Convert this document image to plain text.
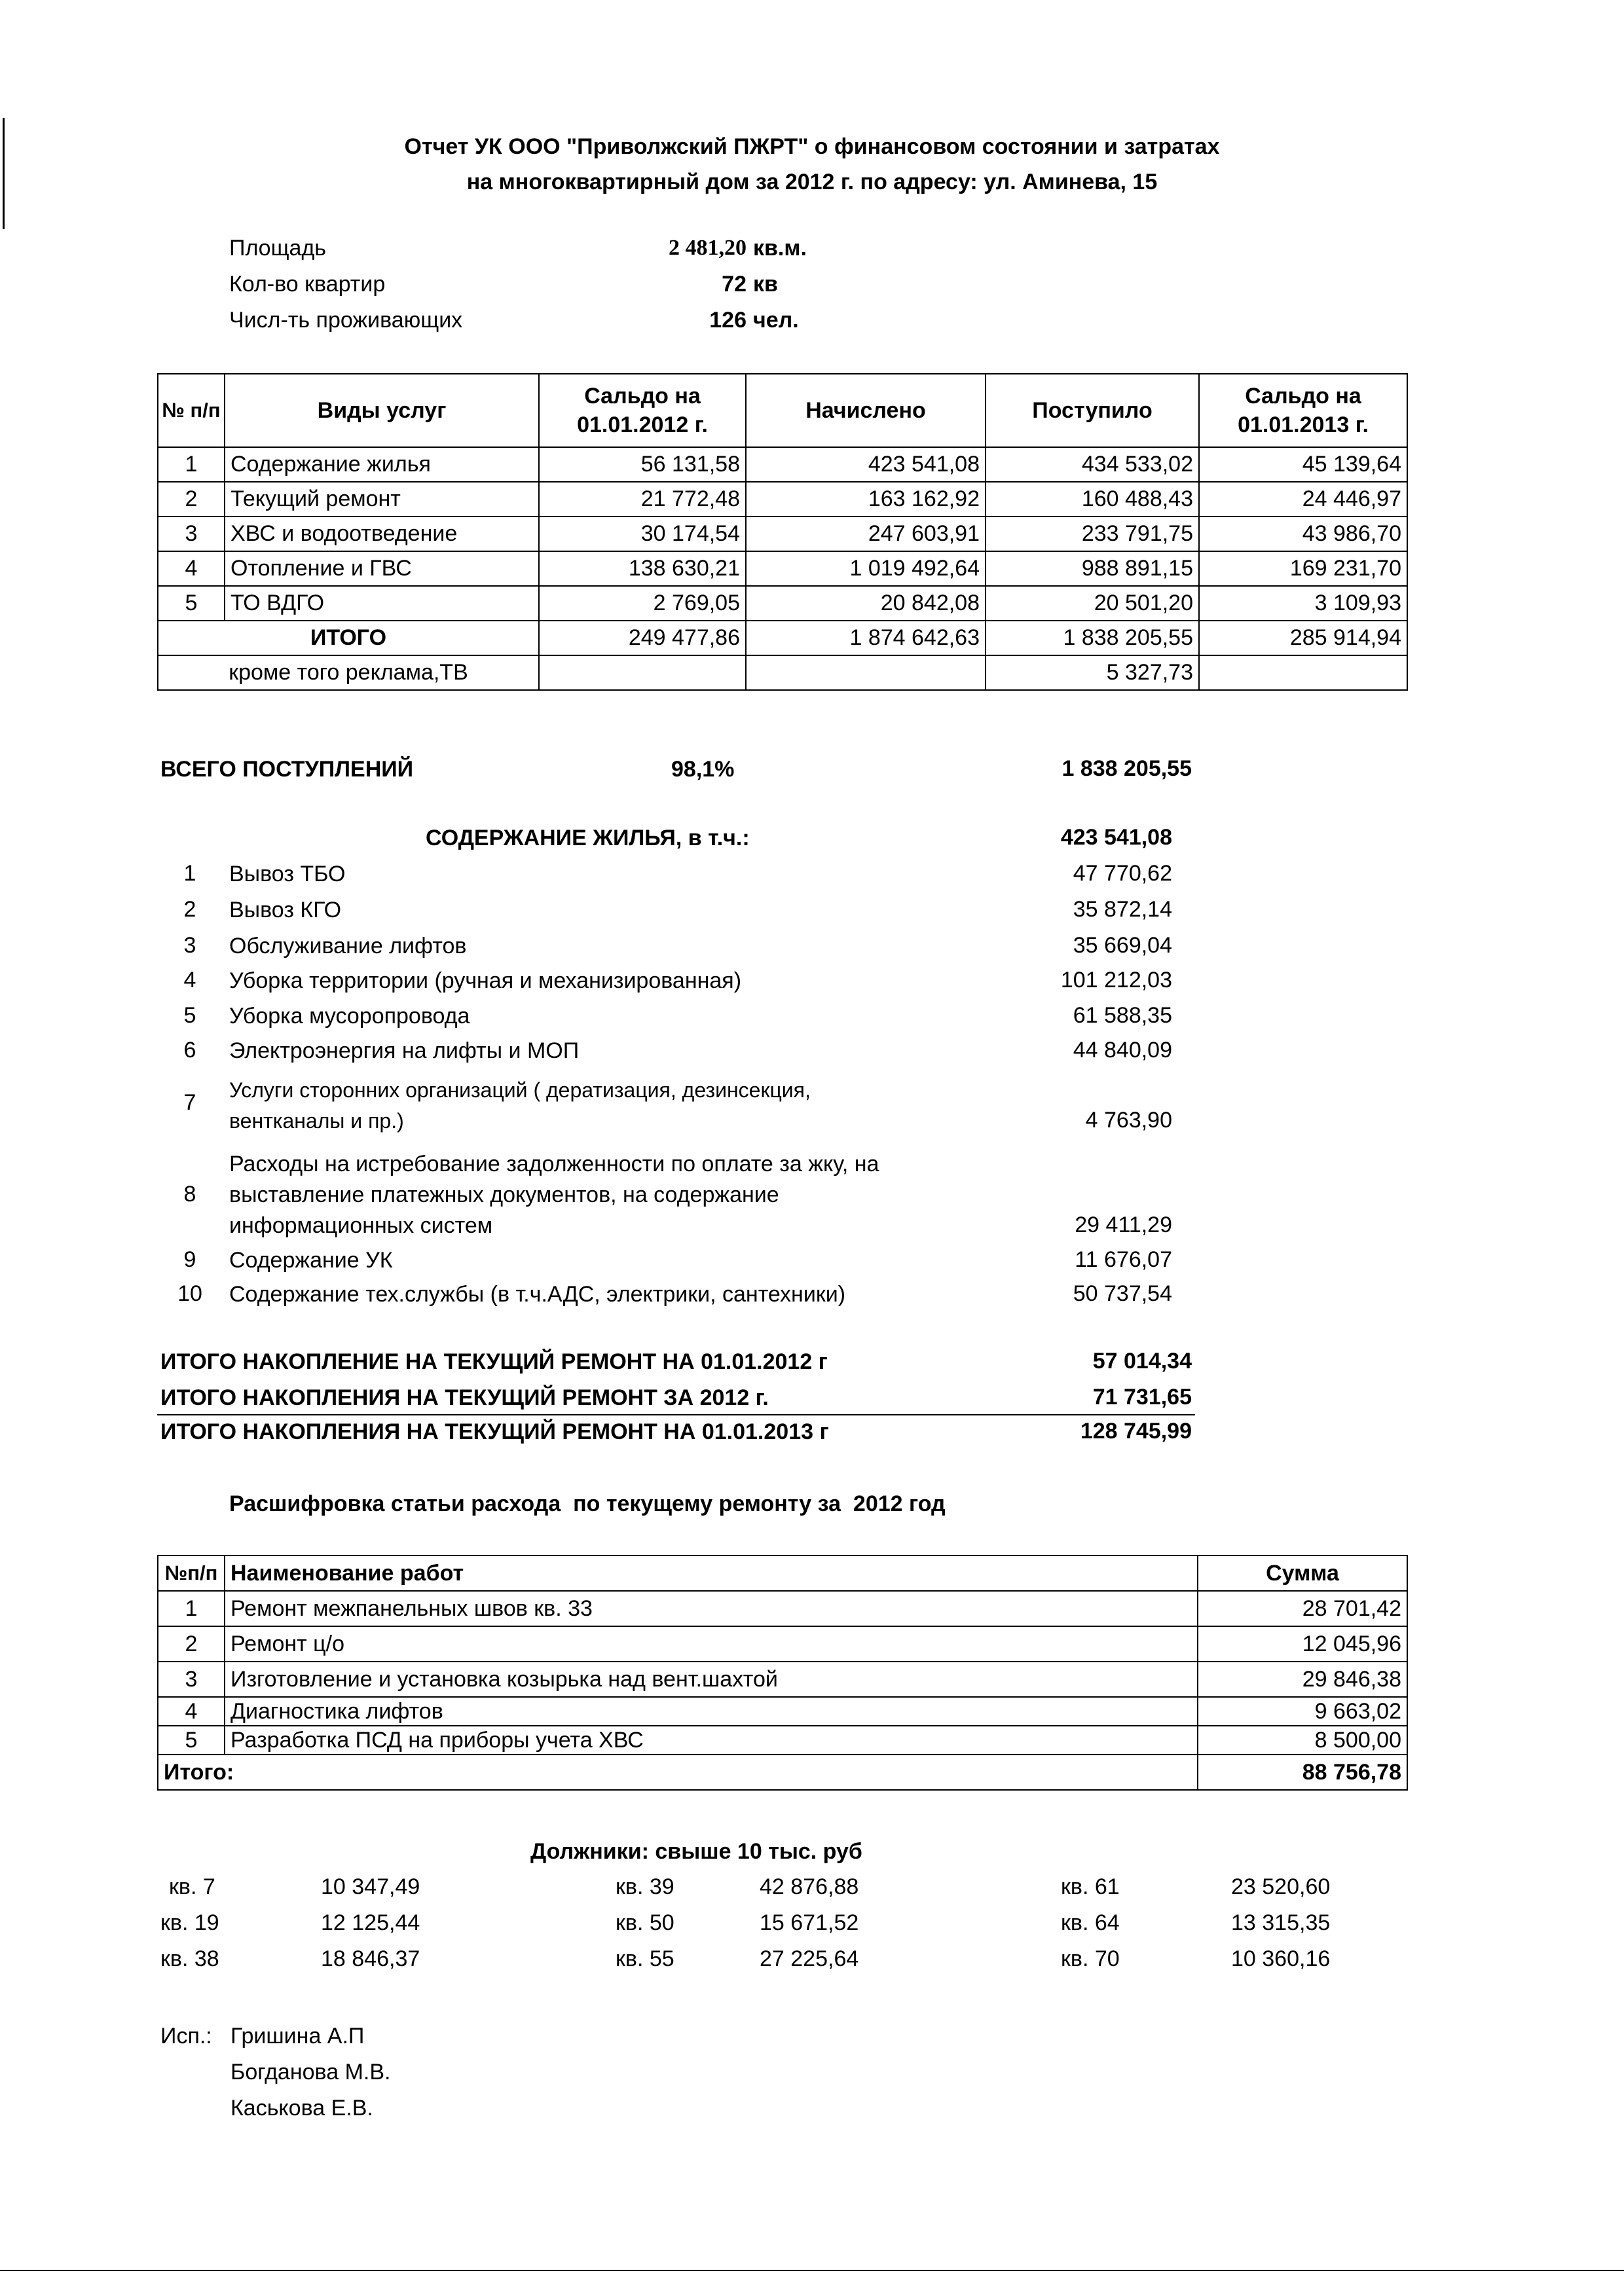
Отчет УК ООО "Приволжский ПЖРТ" о финансовом состоянии и затратах
на многоквартирный дом за 2012 г. по адресу: ул. Аминева, 15
Площадь	2 481,20 кв.м.
Кол-во квартир	72 кв
Числ-ть проживающих	126 чел.
№ п/п	Виды услуг	Сальдо на 01.01.2012 г.	Начислено	Поступило	Сальдо на 01.01.2013 г.
1	Содержание жилья	56 131,58	423 541,08	434 533,02	45 139,64
2	Текущий ремонт	21 772,48	163 162,92	160 488,43	24 446,97
3	ХВС и водоотведение	30 174,54	247 603,91	233 791,75	43 986,70
4	Отопление и ГВС	138 630,21	1 019 492,64	988 891,15	169 231,70
5	ТО ВДГО	2 769,05	20 842,08	20 501,20	3 109,93
ИТОГО		249 477,86	1 874 642,63	1 838 205,55	285 914,94
кроме того реклама,ТВ				5 327,73	
ВСЕГО ПОСТУПЛЕНИЙ	98,1%	1 838 205,55
СОДЕРЖАНИЕ ЖИЛЬЯ, в т.ч.:	423 541,08
1	Вывоз ТБО	47 770,62
2	Вывоз КГО	35 872,14
3	Обслуживание лифтов	35 669,04
4	Уборка территории (ручная и механизированная)	101 212,03
5	Уборка мусоропровода	61 588,35
6	Электроэнергия на лифты и МОП	44 840,09
7	Услуги сторонних организаций ( дератизация, дезинсекция,
вентканалы и пр.)	4 763,90
8
Расходы на истребование задолженности по оплате за жку, на
выставление платежных документов, на содержание
информационных систем	29 411,29
9	Содержание УК	11 676,07
10	Содержание тех.службы (в т.ч.АДС, электрики, сантехники)	50 737,54
ИТОГО НАКОПЛЕНИЕ НА ТЕКУЩИЙ РЕМОНТ НА 01.01.2012 г	57 014,34
ИТОГО НАКОПЛЕНИЯ НА ТЕКУЩИЙ РЕМОНТ ЗА 2012 г.	71 731,65
ИТОГО НАКОПЛЕНИЯ НА ТЕКУЩИЙ РЕМОНТ НА 01.01.2013 г	128 745,99
Расшифровка статьи расхода  по текущему ремонту за  2012 год
№п/п	Наименование работ	Сумма
1	Ремонт межпанельных швов кв. 33	28 701,42
2	Ремонт ц/о	12 045,96
3	Изготовление и установка козырька над вент.шахтой	29 846,38
4	Диагностика лифтов	9 663,02
5	Разработка ПСД на приборы учета ХВС	8 500,00
Итого:		88 756,78
Должники: свыше 10 тыс. руб
кв. 7	10 347,49	кв. 39	42 876,88	кв. 61	23 520,60
кв. 19	12 125,44	кв. 50	15 671,52	кв. 64	13 315,35
кв. 38	18 846,37	кв. 55	27 225,64	кв. 70	10 360,16
Исп.: Гришина А.П
Богданова М.В.
Каськова Е.В.
